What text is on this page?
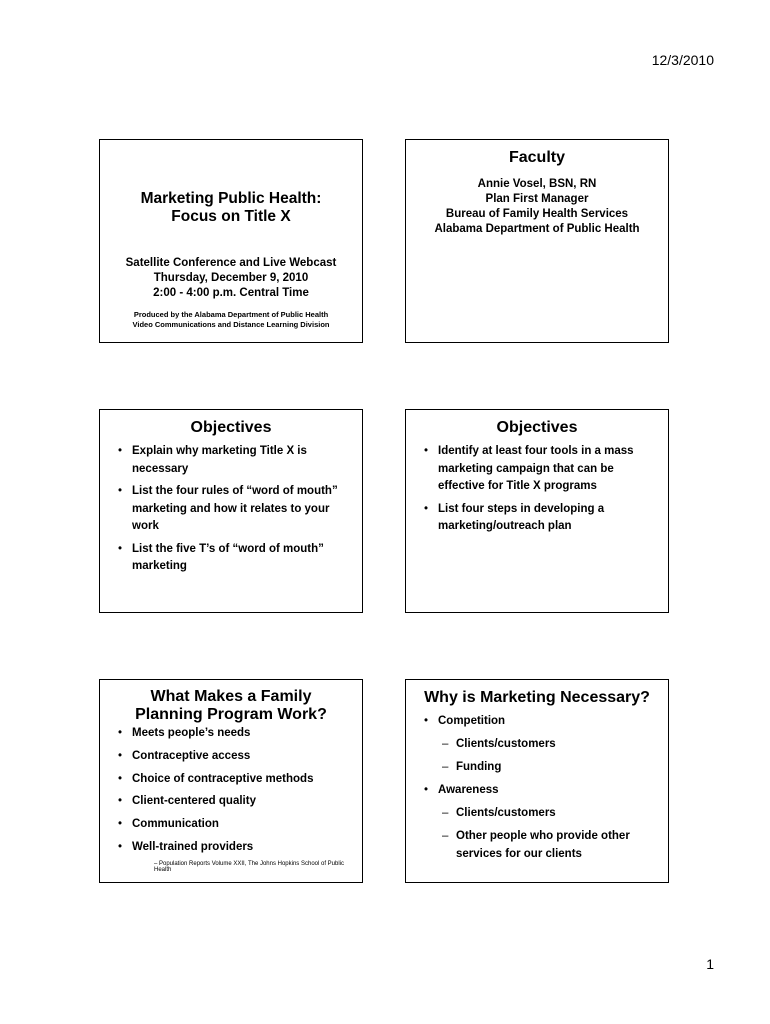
12/3/2010
Marketing Public Health:
Focus on Title X
Satellite Conference and Live Webcast
Thursday, December 9, 2010
2:00 - 4:00 p.m. Central Time
Produced by the Alabama Department of Public Health
Video Communications and Distance Learning Division
Faculty
Annie Vosel, BSN, RN
Plan First Manager
Bureau of Family Health Services
Alabama Department of Public Health
Objectives
• Explain why marketing Title X is necessary
• List the four rules of “word of mouth” marketing and how it relates to your work
• List the five T’s of “word of mouth” marketing
Objectives
• Identify at least four tools in a mass marketing campaign that can be effective for Title X programs
• List four steps in developing a marketing/outreach plan
What Makes a Family
Planning Program Work?
• Meets people’s needs
• Contraceptive access
• Choice of contraceptive methods
• Client-centered quality
• Communication
• Well-trained providers
– Population Reports Volume XXII, The Johns Hopkins School of Public Health
Why is Marketing Necessary?
• Competition
– Clients/customers
– Funding
• Awareness
– Clients/customers
– Other people who provide other services for our clients
1
